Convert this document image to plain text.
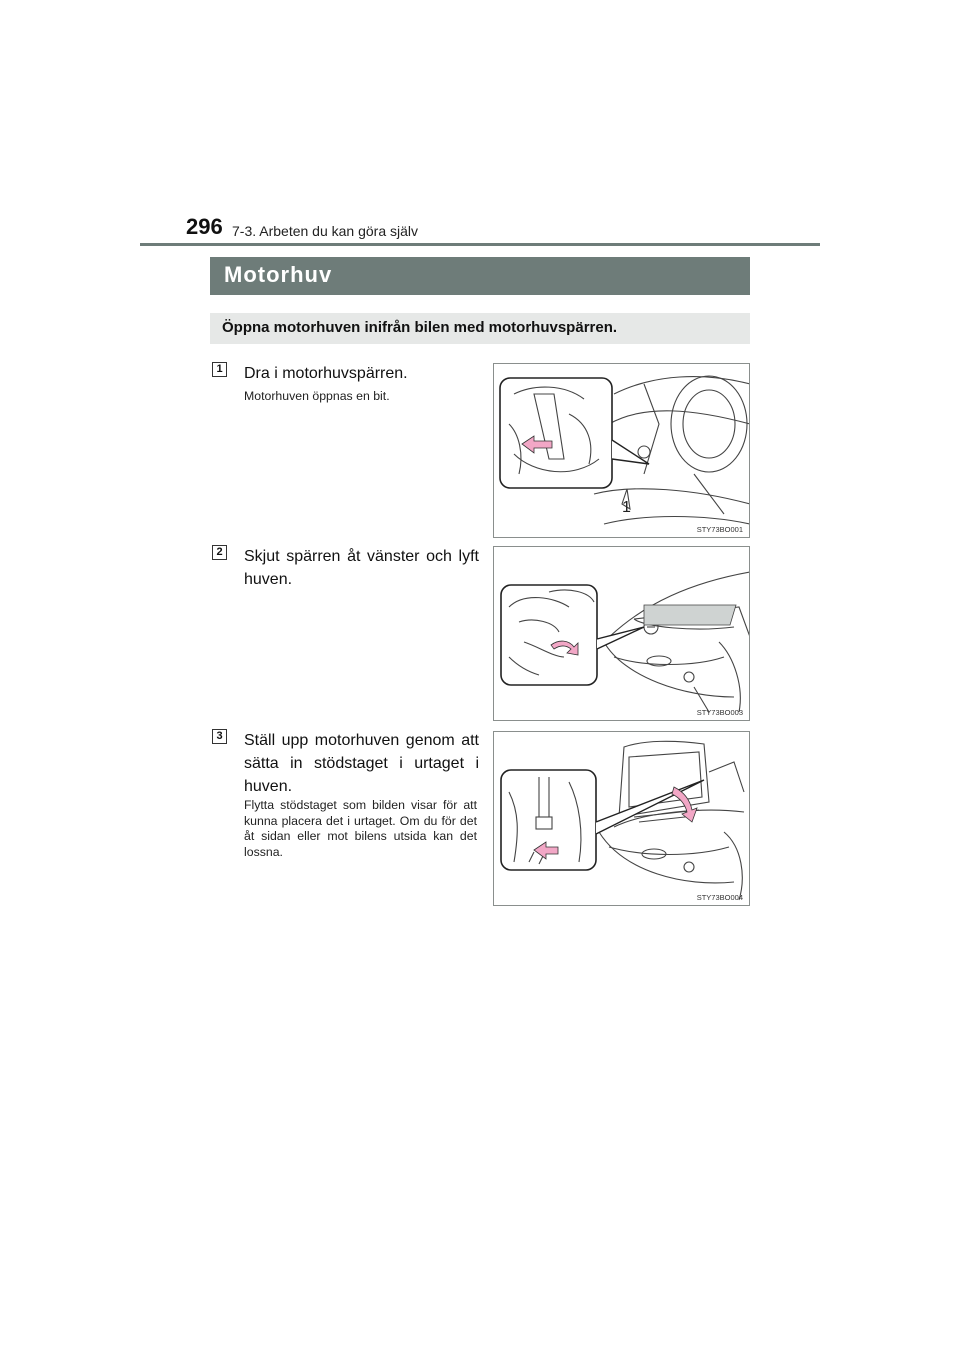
296 7-3. Arbeten du kan göra själv
Motorhuv
Öppna motorhuven inifrån bilen med motorhuvspärren.
1 Dra i motorhuvspärren.
Motorhuven öppnas en bit.
1
STY73BO001
2 Skjut spärren åt vänster och lyft huven.
STY73BO003
3 Ställ upp motorhuven genom att sätta in stödstaget i urtaget i huven.
Flytta stödstaget som bilden visar för att kunna placera det i urtaget. Om du för det åt sidan eller mot bilens utsida kan det lossna.
STY73BO004
